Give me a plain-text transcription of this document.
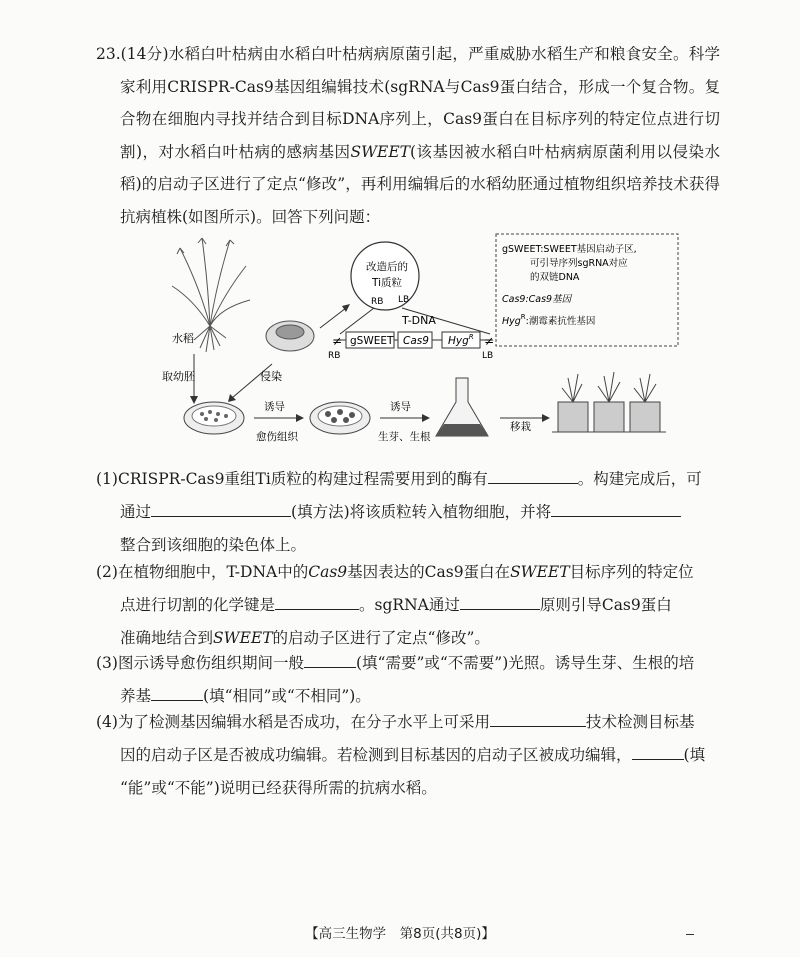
23.(14分)水稻白叶枯病由水稻白叶枯病病原菌引起，严重威胁水稻生产和粮食安全。科学家利用CRISPR-Cas9基因组编辑技术(sgRNA与Cas9蛋白结合，形成一个复合物。复合物在细胞内寻找并结合到目标DNA序列上，Cas9蛋白在目标序列的特定位点进行切割)，对水稻白叶枯病的感病基因SWEET(该基因被水稻白叶枯病病原菌利用以侵染水稻)的启动子区进行了定点“修改”，再利用编辑后的水稻幼胚通过植物组织培养技术获得抗病植株(如图所示)。回答下列问题：
水稻
取幼胚	侵染
改造后的
Ti质粒
LB
RB
T-DNA
≠ gSWEET Cas9 Hyg$^R$ ≠
RB	LB
gSWEET:SWEET基因启动子区,
可引导序列sgRNA对应
的双链DNA
Cas9:Cas9基因
Hyg$^R$:潮霉素抗性基因
诱导
愈伤组织
诱导
生芽、生根
移栽
(1)CRISPR-Cas9重组Ti质粒的构建过程需要用到的酶有	。构建完成后，可
通过	(填方法)将该质粒转入植物细胞，并将
整合到该细胞的染色体上。
(2)在植物细胞中，T-DNA中的Cas9基因表达的Cas9蛋白在SWEET目标序列的特定位
点进行切割的化学键是	。sgRNA通过	原则引导Cas9蛋白
准确地结合到SWEET的启动子区进行了定点“修改”。
(3)图示诱导愈伤组织期间一般	(填“需要”或“不需要”)光照。诱导生芽、生根的培
养基	(填“相同”或“不相同”)。
(4)为了检测基因编辑水稻是否成功，在分子水平上可采用	技术检测目标基
因的启动子区是否被成功编辑。若检测到目标基因的启动子区被成功编辑，	(填
“能”或“不能”)说明已经获得所需的抗病水稻。
【高三生物学　第8页(共8页)】
